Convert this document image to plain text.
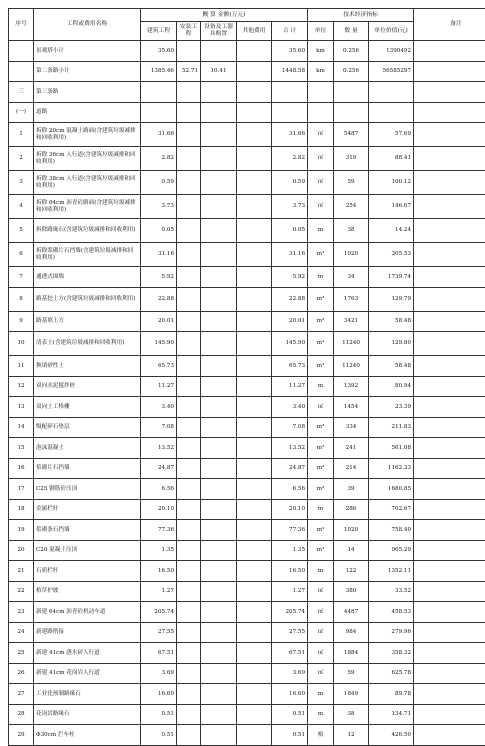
序号	工程或费用名称	概 算 金额(万元)					技术经济指标			备注
		建筑工程	安装工程	设备及工器具购置	其他费用	合 计	单位	数 量	单位价值(元)	
	景观塔小计	35.60				35.60	km	0.256	1390492	
	第二条路小计	1385.46	52.71	10.41		1448.58	km	0.256	56585297	
三	第三条路									
(一)	道路									
1	拆除 20cm 混凝土路面(含建筑垃圾减排和回收利用)	31.66				31.66	㎡	5487	57.69	
2	拆除 36cm 人行道(含建筑垃圾减排和回收利用)	2.82				2.82	㎡	319	88.41	
3	拆除 38cm 人行道(含建筑垃圾减排和回收利用)	0.59				0.59	㎡	59	100.12	
4	拆除 64cm 沥青砼路面(含建筑垃圾减排和回收利用)	3.73				3.73	㎡	254	146.67	
5	拆除路缘石(含建筑垃圾减排和回收利用)	0.05				0.05	m	38	14.24	
6	拆除浆砌片石挡墙(含建筑垃圾减排和回收利用)	31.16				31.16	m³	1020	305.53	
7	通透式围墙	5.92				5.92	m	34	1739.74	
8	路基挖土方(含建筑垃圾减排和回收利用)	22.88				22.88	m³	1763	129.79	
9	路基填土方	20.01				20.01	m³	3421	58.48	
10	清表土(含建筑垃圾减排和回收利用)	145.90				145.90	m³	11240	129.80	
11	换填砂性土	65.73				65.73	m³	11240	58.48	
12	双向水泥搅拌桩	11.27				11.27	m	1392	80.94	
13	双向土工格栅	3.40				3.40	㎡	1454	23.39	
14	级配碎石垫层	7.08				7.08	m³	334	211.83	
15	泡沫混凝土	13.52				13.52	m³	241	561.08	
16	浆砌片石挡墙	24.87				24.87	m³	214	1162.33	
17	C25 钢筋砼压顶	6.56				6.56	m³	39	1680.85	
18	金属栏杆	20.10				20.10	m	286	702.67	
19	浆砌条石挡墙	77.36				77.36	m³	1020	758.40	
20	C20 混凝土压顶	1.35				1.35	m³	14	965.29	
21	石质栏杆	16.50				16.50	m	122	1352.11	
22	植草护坡	1.27				1.27	㎡	380	33.52	
23	新建 64cm 沥青砼机动车道	205.74				205.74	㎡	4487	458.53	
24	新建路搭接	27.55				27.55	㎡	984	279.96	
25	新建 41cm 透水砖人行道	67.51				67.51	㎡	1884	358.32	
26	新建 41cm 花岗岩人行道	3.69				3.69	㎡	59	625.78	
27	工业化预制路缘石	16.60				16.60	m	1849	89.78	
28	花岗岩路缘石	0.51				0.51	m	38	134.71	
29	Φ30cm 拦车柱	0.51				0.51	根	12	426.50	
